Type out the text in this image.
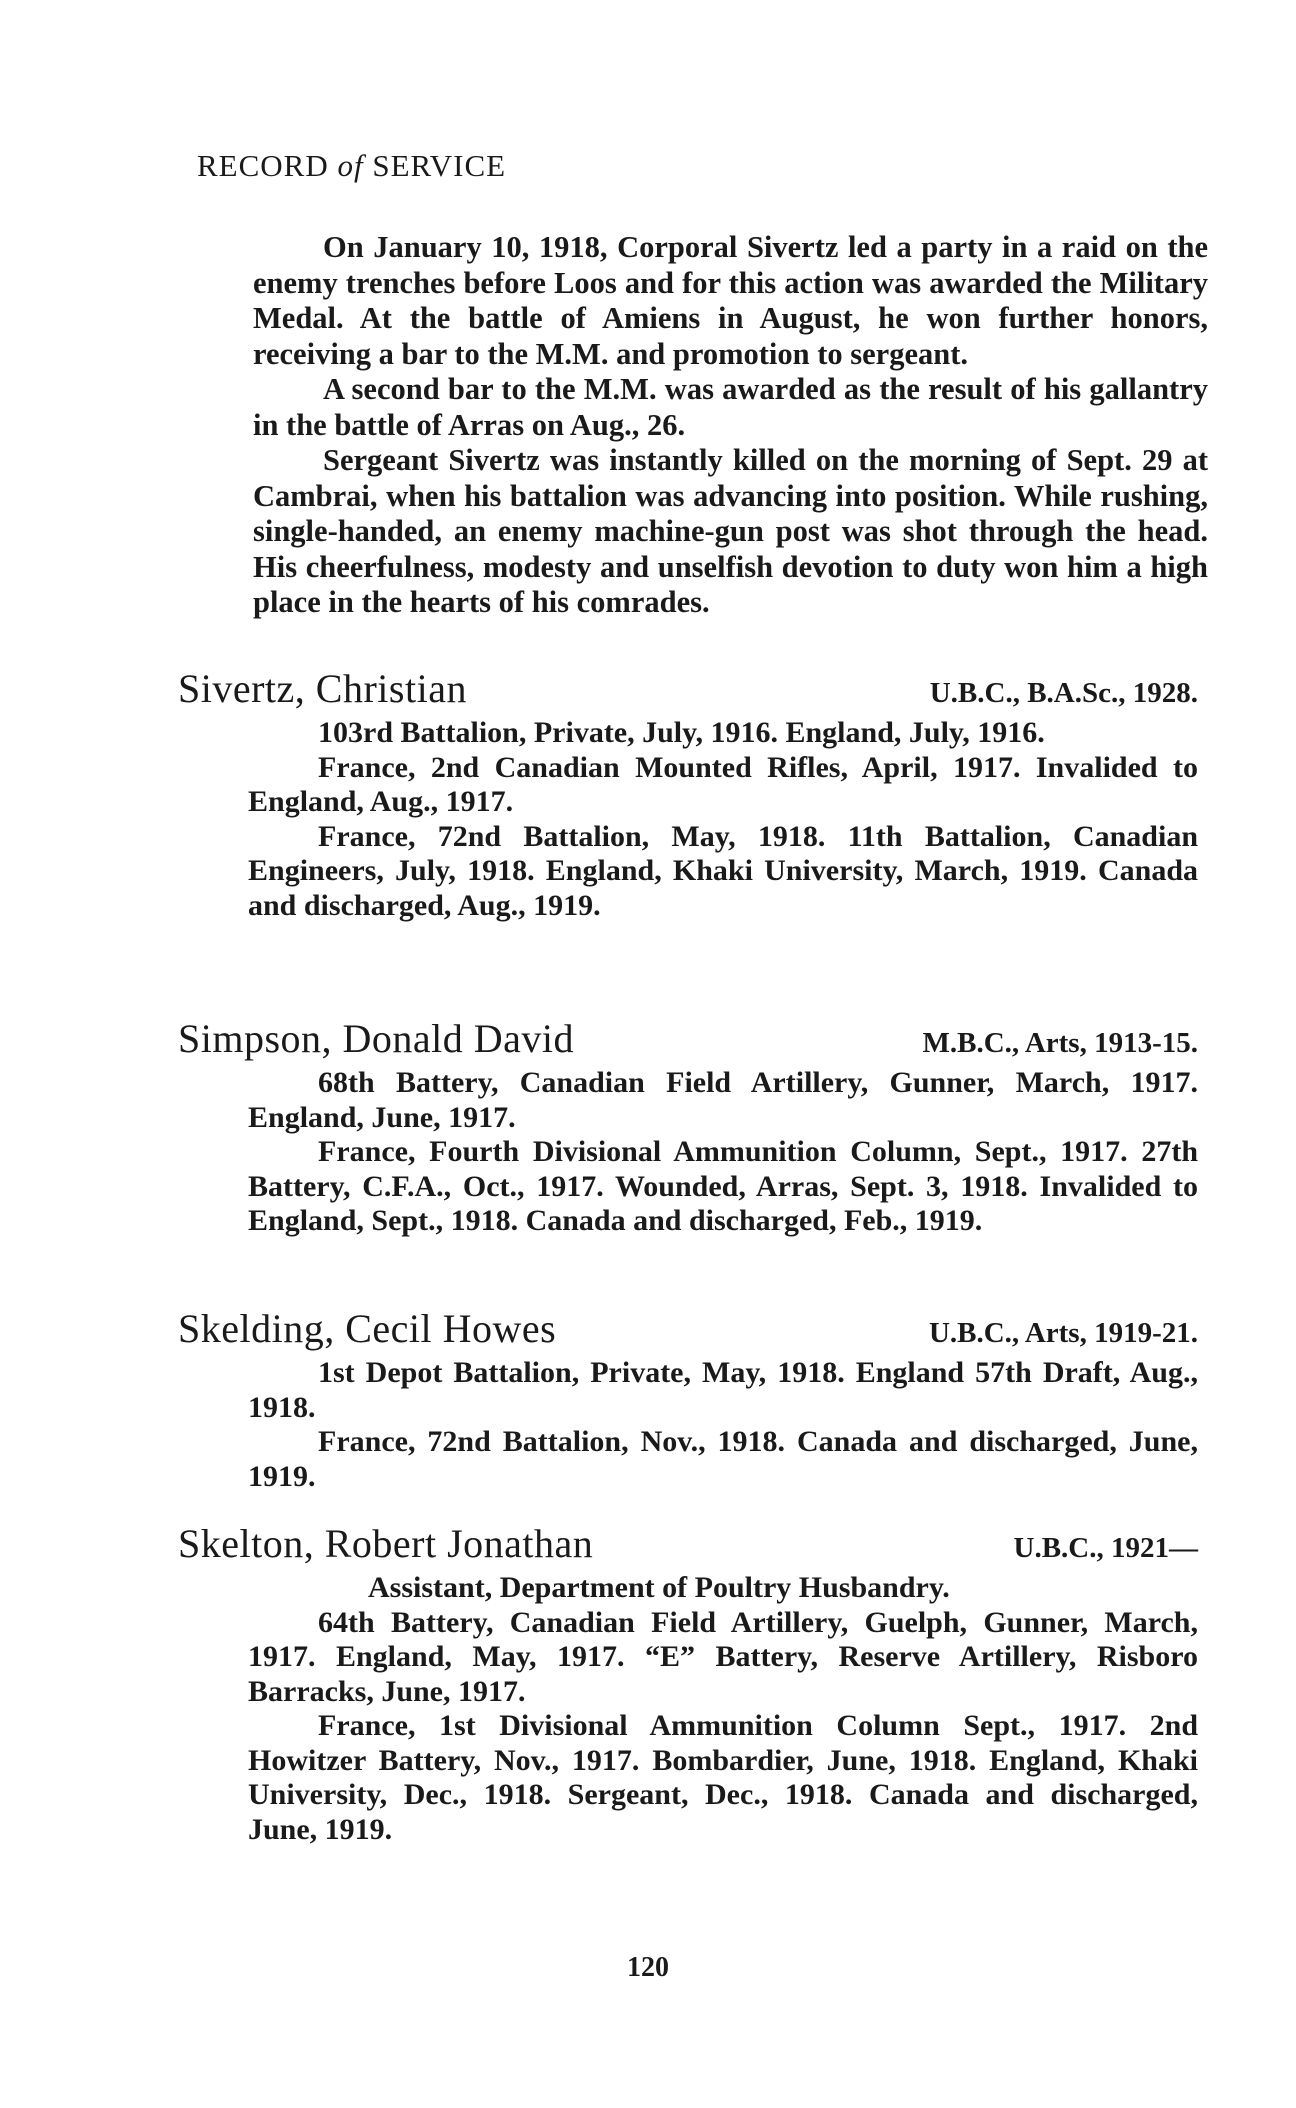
RECORD of SERVICE

On January 10, 1918, Corporal Sivertz led a party in a raid on the enemy trenches before Loos and for this action was awarded the Military Medal. At the battle of Amiens in August, he won further honors, receiving a bar to the M.M. and promotion to sergeant.

A second bar to the M.M. was awarded as the result of his gallantry in the battle of Arras on Aug., 26.

Sergeant Sivertz was instantly killed on the morning of Sept. 29 at Cambrai, when his battalion was advancing into position. While rushing, single-handed, an enemy machine-gun post was shot through the head. His cheerfulness, modesty and unselfish devotion to duty won him a high place in the hearts of his comrades.

Sivertz, Christian	U.B.C., B.A.Sc., 1928.

103rd Battalion, Private, July, 1916. England, July, 1916.

France, 2nd Canadian Mounted Rifles, April, 1917. Invalided to England, Aug., 1917.

France, 72nd Battalion, May, 1918. 11th Battalion, Canadian Engineers, July, 1918. England, Khaki University, March, 1919. Canada and discharged, Aug., 1919.

Simpson, Donald David	M.B.C., Arts, 1913-15.

68th Battery, Canadian Field Artillery, Gunner, March, 1917. England, June, 1917.

France, Fourth Divisional Ammunition Column, Sept., 1917. 27th Battery, C.F.A., Oct., 1917. Wounded, Arras, Sept. 3, 1918. Invalided to England, Sept., 1918. Canada and discharged, Feb., 1919.

Skelding, Cecil Howes	U.B.C., Arts, 1919-21.

1st Depot Battalion, Private, May, 1918. England 57th Draft, Aug., 1918.

France, 72nd Battalion, Nov., 1918. Canada and discharged, June, 1919.

Skelton, Robert Jonathan	U.B.C., 1921—

Assistant, Department of Poultry Husbandry.

64th Battery, Canadian Field Artillery, Guelph, Gunner, March, 1917. England, May, 1917. “E” Battery, Reserve Artillery, Risboro Barracks, June, 1917.

France, 1st Divisional Ammunition Column Sept., 1917. 2nd Howitzer Battery, Nov., 1917. Bombardier, June, 1918. England, Khaki University, Dec., 1918. Sergeant, Dec., 1918. Canada and discharged, June, 1919.

120
